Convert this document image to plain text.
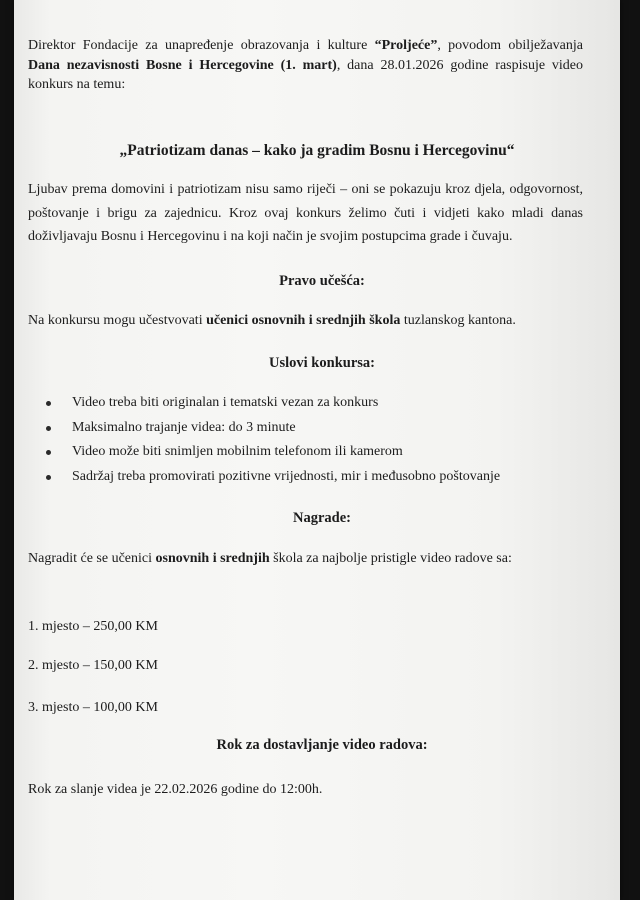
Direktor Fondacije za unapređenje obrazovanja i kulture “Proljeće”, povodom obilježavanja
Dana nezavisnosti Bosne i Hercegovine (1. mart), dana 28.01.2026 godine raspisuje video
konkurs na temu:
„Patriotizam danas – kako ja gradim Bosnu i Hercegovinu“
Ljubav prema domovini i patriotizam nisu samo riječi – oni se pokazuju kroz djela, odgovornost,
poštovanje i brigu za zajednicu. Kroz ovaj konkurs želimo čuti i vidjeti kako mladi danas
doživljavaju Bosnu i Hercegovinu i na koji način je svojim postupcima grade i čuvaju.
Pravo učešća:
Na konkursu mogu učestvovati učenici osnovnih i srednjih škola tuzlanskog kantona.
Uslovi konkursa:
Video treba biti originalan i tematski vezan za konkurs
Maksimalno trajanje videa: do 3 minute
Video može biti snimljen mobilnim telefonom ili kamerom
Sadržaj treba promovirati pozitivne vrijednosti, mir i međusobno poštovanje
Nagrade:
Nagradit će se učenici osnovnih i srednjih škola za najbolje pristigle video radove sa:
1. mjesto – 250,00 KM
2. mjesto – 150,00 KM
3. mjesto – 100,00 KM
Rok za dostavljanje video radova:
Rok za slanje videa je 22.02.2026 godine do 12:00h.
